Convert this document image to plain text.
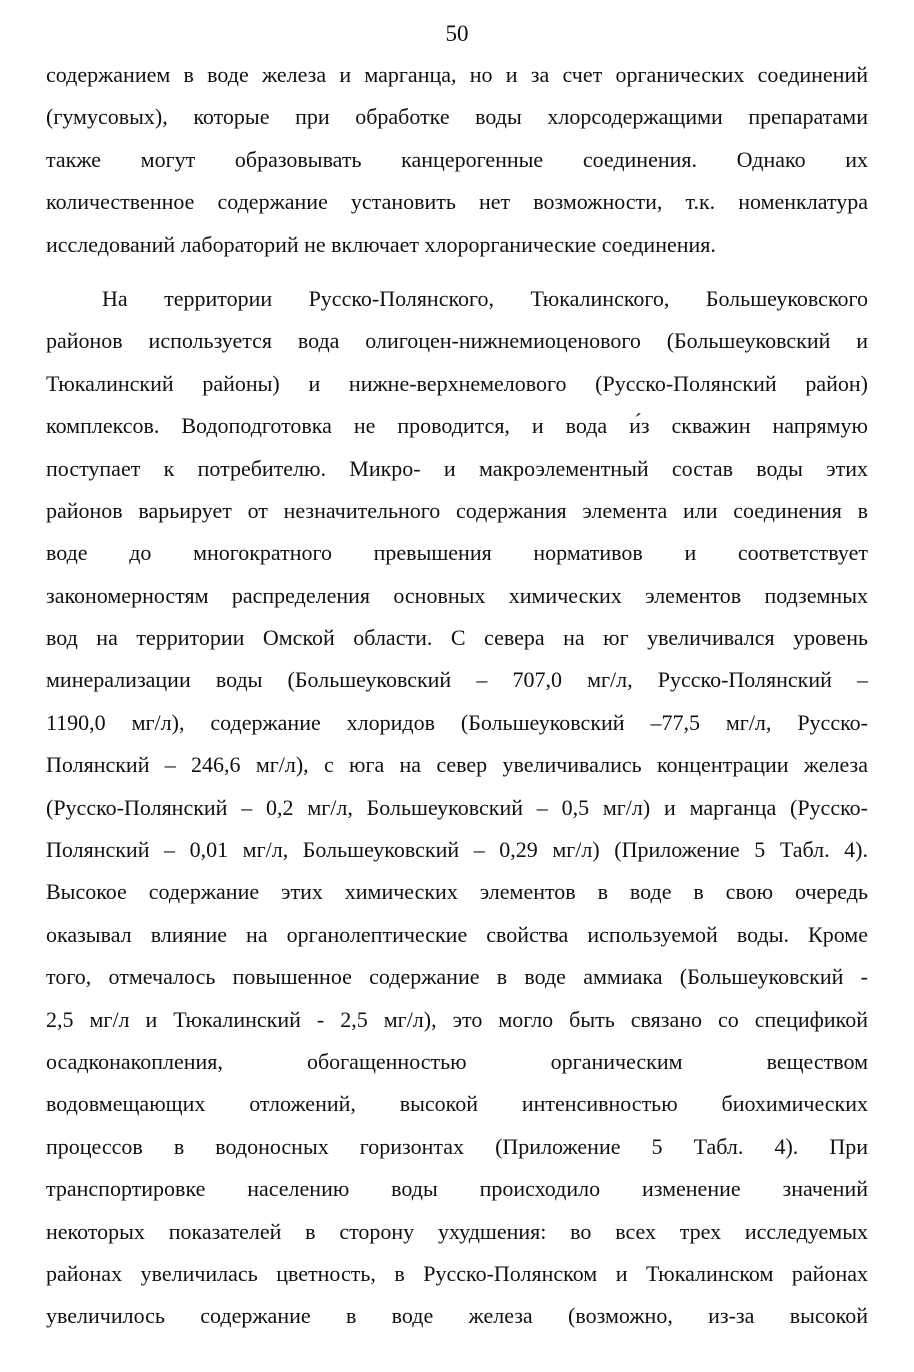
50
содержанием в воде железа и марганца, но и за счет органических соединений
(гумусовых), которые при обработке воды хлорсодержащими препаратами
также могут образовывать канцерогенные соединения. Однако их
количественное содержание установить нет возможности, т.к. номенклатура
исследований лабораторий не включает хлорорганические соединения.
На территории Русско-Полянского, Тюкалинского, Большеуковского
районов используется вода олигоцен-нижнемиоценового (Большеуковский и
Тюкалинский районы) и нижне-верхнемелового (Русско-Полянский район)
комплексов. Водоподготовка не проводится, и вода и́з скважин напрямую
поступает к потребителю. Микро- и макроэлементный состав воды этих
районов варьирует от незначительного содержания элемента или соединения в
воде до многократного превышения нормативов и соответствует
закономерностям распределения основных химических элементов подземных
вод на территории Омской области. С севера на юг увеличивался уровень
минерализации воды (Большеуковский – 707,0 мг/л, Русско-Полянский –
1190,0 мг/л), содержание хлоридов (Большеуковский –77,5 мг/л, Русско-
Полянский – 246,6 мг/л), с юга на север увеличивались концентрации железа
(Русско-Полянский – 0,2 мг/л, Большеуковский – 0,5 мг/л) и марганца (Русско-
Полянский – 0,01 мг/л, Большеуковский – 0,29 мг/л) (Приложение 5 Табл. 4).
Высокое содержание этих химических элементов в воде в свою очередь
оказывал влияние на органолептические свойства используемой воды. Кроме
того, отмечалось повышенное содержание в воде аммиака (Большеуковский -
2,5 мг/л и Тюкалинский - 2,5 мг/л), это могло быть связано со спецификой
осадконакопления, обогащенностью органическим веществом
водовмещающих отложений, высокой интенсивностью биохимических
процессов в водоносных горизонтах (Приложение 5 Табл. 4). При
транспортировке населению воды происходило изменение значений
некоторых показателей в сторону ухудшения: во всех трех исследуемых
районах увеличилась цветность, в Русско-Полянском и Тюкалинском районах
увеличилось содержание в воде железа (возможно, из-за высокой
